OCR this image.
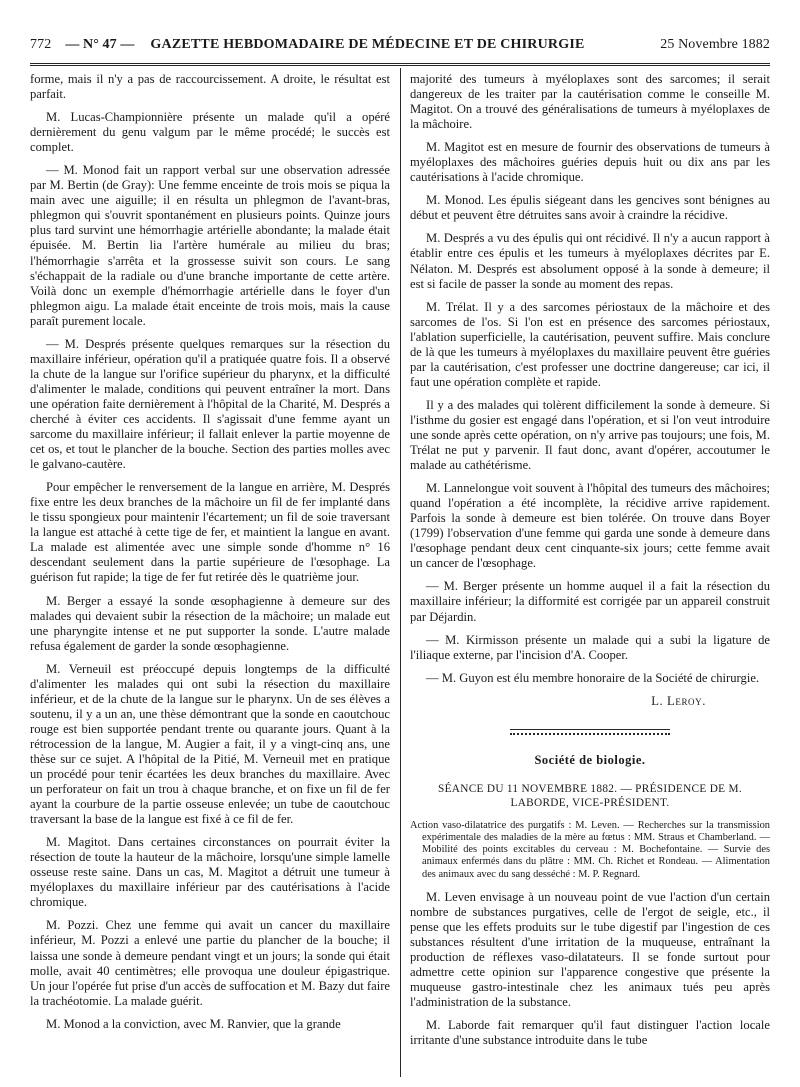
772 — N° 47 — GAZETTE HEBDOMADAIRE DE MÉDECINE ET DE CHIRURGIE	25 Novembre 1882

forme, mais il n'y a pas de raccourcissement. A droite, le résultat est parfait.

M. Lucas-Championnière présente un malade qu'il a opéré dernièrement du genu valgum par le même procédé; le succès est complet.

— M. Monod fait un rapport verbal sur une observation adressée par M. Bertin (de Gray): Une femme enceinte de trois mois se piqua la main avec une aiguille; il en résulta un phlegmon de l'avant-bras, phlegmon qui s'ouvrit spontanément en plusieurs points. Quinze jours plus tard survint une hémorrhagie artérielle abondante; la malade était épuisée. M. Bertin lia l'artère humérale au milieu du bras; l'hémorrhagie s'arrêta et la grossesse suivit son cours. Le sang s'échappait de la radiale ou d'une branche importante de cette artère. Voilà donc un exemple d'hémorrhagie artérielle dans le foyer d'un phlegmon aigu. La malade était enceinte de trois mois, mais la cause paraît purement locale.

— M. Després présente quelques remarques sur la résection du maxillaire inférieur, opération qu'il a pratiquée quatre fois. Il a observé la chute de la langue sur l'orifice supérieur du pharynx, et la difficulté d'alimenter le malade, conditions qui peuvent entraîner la mort. Dans une opération faite dernièrement à l'hôpital de la Charité, M. Després a cherché à éviter ces accidents. Il s'agissait d'une femme ayant un sarcome du maxillaire inférieur; il fallait enlever la partie moyenne de cet os, et tout le plancher de la bouche. Section des parties molles avec le galvano-cautère.

Pour empêcher le renversement de la langue en arrière, M. Després fixe entre les deux branches de la mâchoire un fil de fer implanté dans le tissu spongieux pour maintenir l'écartement; un fil de soie traversant la langue est attaché à cette tige de fer, et maintient la langue en avant. La malade est alimentée avec une simple sonde d'homme n° 16 descendant seulement dans la partie supérieure de l'œsophage. La guérison fut rapide; la tige de fer fut retirée dès le quatrième jour.

M. Berger a essayé la sonde œsophagienne à demeure sur des malades qui devaient subir la résection de la mâchoire; un malade eut une pharyngite intense et ne put supporter la sonde. L'autre malade refusa également de garder la sonde œsophagienne.

M. Verneuil est préoccupé depuis longtemps de la difficulté d'alimenter les malades qui ont subi la résection du maxillaire inférieur, et de la chute de la langue sur le pharynx. Un de ses élèves a soutenu, il y a un an, une thèse démontrant que la sonde en caoutchouc rouge est bien supportée pendant trente ou quarante jours. Quant à la rétrocession de la langue, M. Augier a fait, il y a vingt-cinq ans, une thèse sur ce sujet. A l'hôpital de la Pitié, M. Verneuil met en pratique un procédé pour tenir écartées les deux branches du maxillaire. Avec un perforateur on fait un trou à chaque branche, et on fixe un fil de fer ayant la courbure de la partie osseuse enlevée; un tube de caoutchouc traversant la base de la langue est fixé à ce fil de fer.

M. Magitot. Dans certaines circonstances on pourrait éviter la résection de toute la hauteur de la mâchoire, lorsqu'une simple lamelle osseuse reste saine. Dans un cas, M. Magitot a détruit une tumeur à myéloplaxes du maxillaire inférieur par des cautérisations à l'acide chromique.

M. Pozzi. Chez une femme qui avait un cancer du maxillaire inférieur, M. Pozzi a enlevé une partie du plancher de la bouche; il laissa une sonde à demeure pendant vingt et un jours; la sonde qui était molle, avait 40 centimètres; elle provoqua une douleur épigastrique. Un jour l'opérée fut prise d'un accès de suffocation et M. Bazy dut faire la trachéotomie. La malade guérit.

M. Monod a la conviction, avec M. Ranvier, que la grande

majorité des tumeurs à myéloplaxes sont des sarcomes; il serait dangereux de les traiter par la cautérisation comme le conseille M. Magitot. On a trouvé des généralisations de tumeurs à myéloplaxes de la mâchoire.

M. Magitot est en mesure de fournir des observations de tumeurs à myéloplaxes des mâchoires guéries depuis huit ou dix ans par les cautérisations à l'acide chromique.

M. Monod. Les épulis siégeant dans les gencives sont bénignes au début et peuvent être détruites sans avoir à craindre la récidive.

M. Després a vu des épulis qui ont récidivé. Il n'y a aucun rapport à établir entre ces épulis et les tumeurs à myéloplaxes décrites par E. Nélaton. M. Després est absolument opposé à la sonde à demeure; il est si facile de passer la sonde au moment des repas.

M. Trélat. Il y a des sarcomes périostaux de la mâchoire et des sarcomes de l'os. Si l'on est en présence des sarcomes périostaux, l'ablation superficielle, la cautérisation, peuvent suffire. Mais conclure de là que les tumeurs à myéloplaxes du maxillaire peuvent être guéries par la cautérisation, c'est professer une doctrine dangereuse; car ici, il faut une opération complète et rapide.

Il y a des malades qui tolèrent difficilement la sonde à demeure. Si l'isthme du gosier est engagé dans l'opération, et si l'on veut introduire une sonde après cette opération, on n'y arrive pas toujours; une fois, M. Trélat ne put y parvenir. Il faut donc, avant d'opérer, accoutumer le malade au cathétérisme.

M. Lannelongue voit souvent à l'hôpital des tumeurs des mâchoires; quand l'opération a été incomplète, la récidive arrive rapidement. Parfois la sonde à demeure est bien tolérée. On trouve dans Boyer (1799) l'observation d'une femme qui garda une sonde à demeure dans l'œsophage pendant deux cent cinquante-six jours; cette femme avait un cancer de l'œsophage.

— M. Berger présente un homme auquel il a fait la résection du maxillaire inférieur; la difformité est corrigée par un appareil construit par Déjardin.

— M. Kirmisson présente un malade qui a subi la ligature de l'iliaque externe, par l'incision d'A. Cooper.

— M. Guyon est élu membre honoraire de la Société de chirurgie.

L. Leroy.

Société de biologie.
SÉANCE DU 11 NOVEMBRE 1882. — PRÉSIDENCE DE M. LABORDE, VICE-PRÉSIDENT.
Action vaso-dilatatrice des purgatifs : M. Leven. — Recherches sur la transmission expérimentale des maladies de la mère au fœtus : MM. Straus et Chamberland. — Mobilité des points excitables du cerveau : M. Bochefontaine. — Survie des animaux enfermés dans du plâtre : MM. Ch. Richet et Rondeau. — Alimentation des animaux avec du sang desséché : M. P. Regnard.

M. Leven envisage à un nouveau point de vue l'action d'un certain nombre de substances purgatives, celle de l'ergot de seigle, etc., il pense que les effets produits sur le tube digestif par l'ingestion de ces substances résultent d'une irritation de la muqueuse, entraînant la production de réflexes vaso-dilatateurs. Il se fonde surtout pour admettre cette opinion sur l'apparence congestive que présente la muqueuse gastro-intestinale chez les animaux tués peu après l'administration de la substance.

M. Laborde fait remarquer qu'il faut distinguer l'action locale irritante d'une substance introduite dans le tube
